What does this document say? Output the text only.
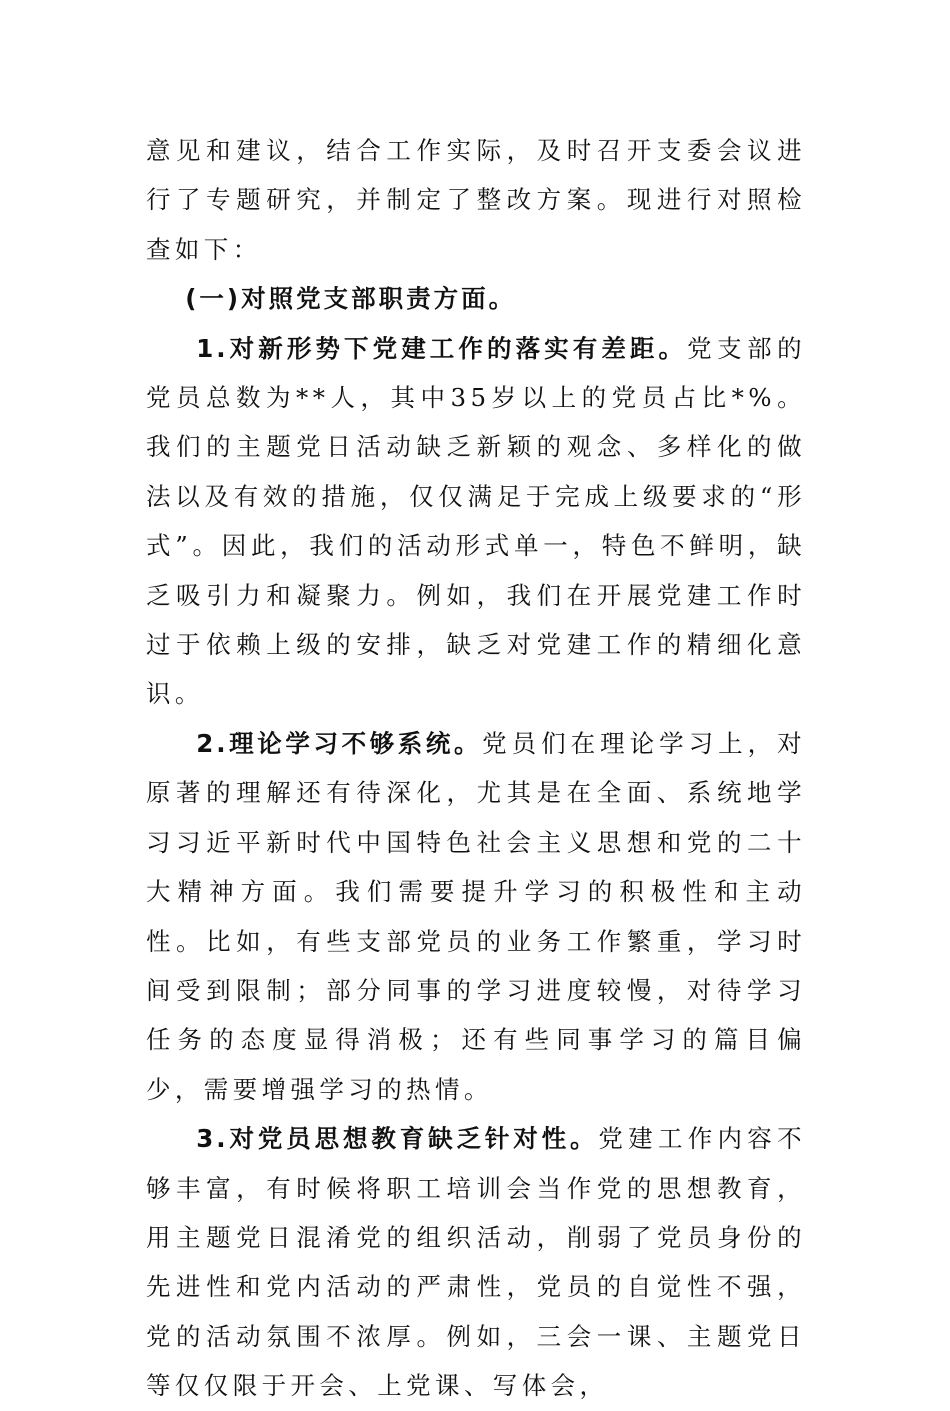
意见和建议，结合工作实际，及时召开支委会议进行了专题研究，并制定了整改方案。现进行对照检查如下：

(一)对照党支部职责方面。

1.对新形势下党建工作的落实有差距。党支部的党员总数为**人，其中35岁以上的党员占比*%。我们的主题党日活动缺乏新颖的观念、多样化的做法以及有效的措施，仅仅满足于完成上级要求的“形式”。因此，我们的活动形式单一，特色不鲜明，缺乏吸引力和凝聚力。例如，我们在开展党建工作时过于依赖上级的安排，缺乏对党建工作的精细化意识。

2.理论学习不够系统。党员们在理论学习上，对原著的理解还有待深化，尤其是在全面、系统地学习习近平新时代中国特色社会主义思想和党的二十大精神方面。我们需要提升学习的积极性和主动性。比如，有些支部党员的业务工作繁重，学习时间受到限制；部分同事的学习进度较慢，对待学习任务的态度显得消极；还有些同事学习的篇目偏少，需要增强学习的热情。

3.对党员思想教育缺乏针对性。党建工作内容不够丰富，有时候将职工培训会当作党的思想教育，用主题党日混淆党的组织活动，削弱了党员身份的先进性和党内活动的严肃性，党员的自觉性不强，党的活动氛围不浓厚。例如，三会一课、主题党日等仅仅限于开会、上党课、写体会，
